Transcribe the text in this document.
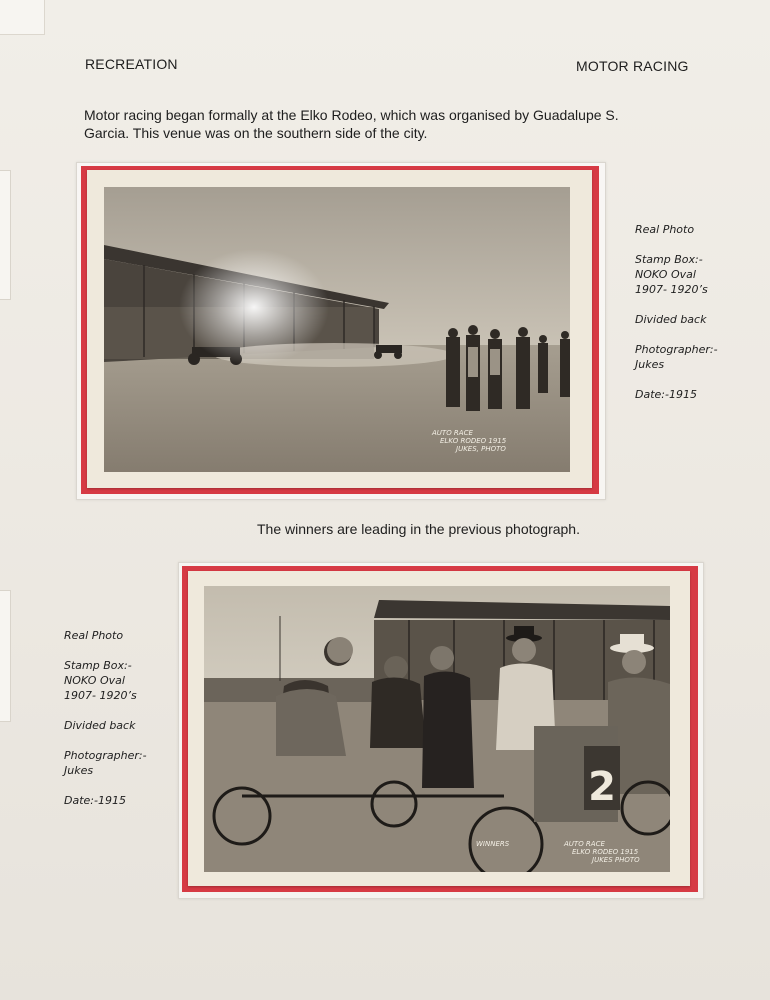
RECREATION	MOTOR RACING
Motor racing began formally at the Elko Rodeo, which was organised by Guadalupe S. Garcia. This venue was on the southern side of the city.
AUTO RACE
ELKO RODEO 1915
JUKES, PHOTO

Real Photo

Stamp Box:-
NOKO Oval
1907- 1920’s

Divided back

Photographer:-
Jukes

Date:-1915

The winners are leading in the previous photograph.
2
WINNERS	AUTO RACE
ELKO RODEO 1915
JUKES PHOTO

Real Photo

Stamp Box:-
NOKO Oval
1907- 1920’s

Divided back

Photographer:-
Jukes

Date:-1915
